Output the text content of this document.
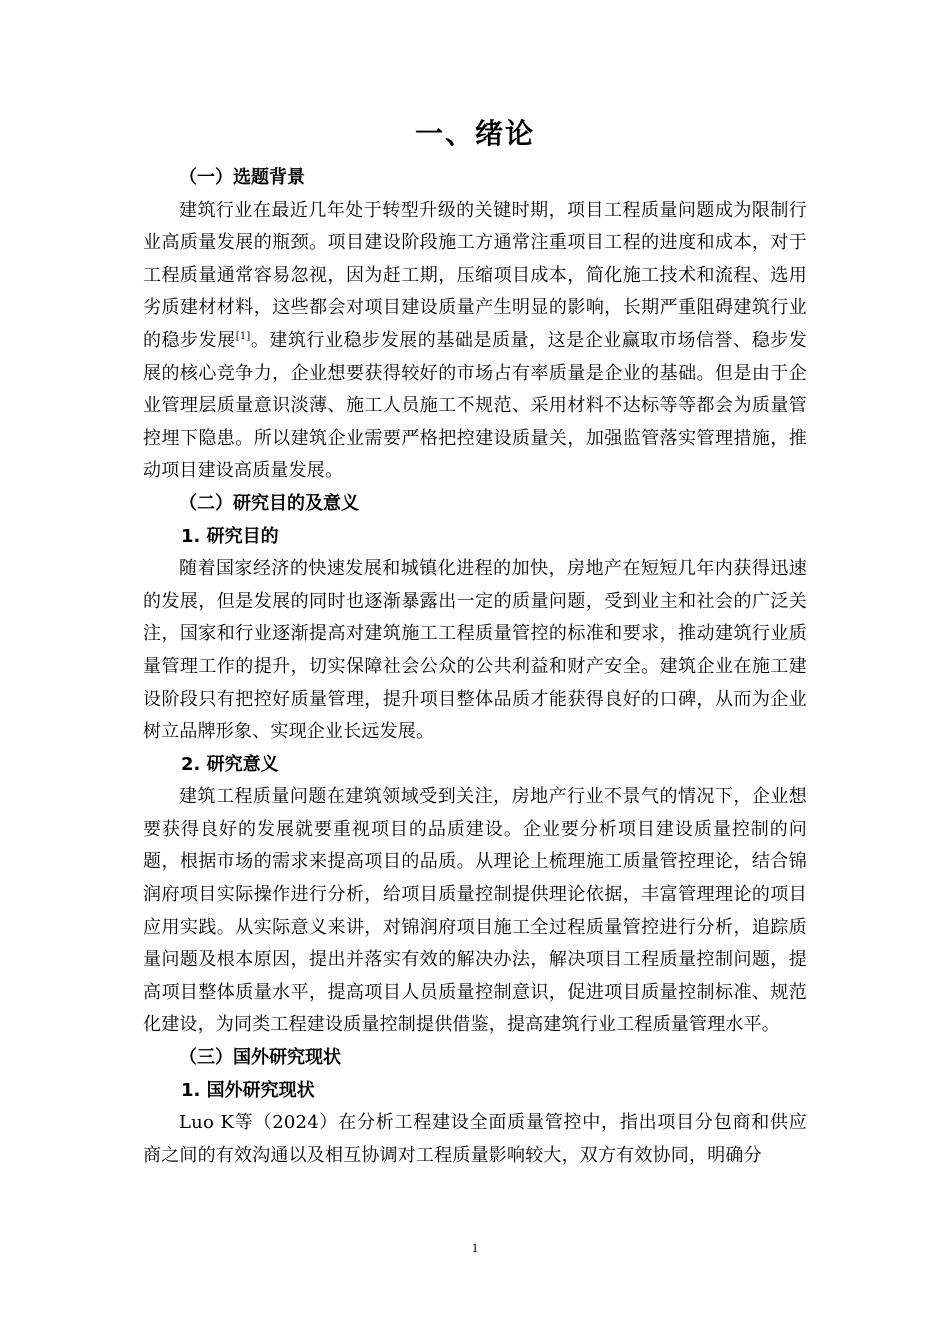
一、绪论
（一）选题背景

建筑行业在最近几年处于转型升级的关键时期，项目工程质量问题成为限制行业高质量发展的瓶颈。项目建设阶段施工方通常注重项目工程的进度和成本，对于工程质量通常容易忽视，因为赶工期，压缩项目成本，简化施工技术和流程、选用劣质建材材料，这些都会对项目建设质量产生明显的影响，长期严重阻碍建筑行业的稳步发展[1]。建筑行业稳步发展的基础是质量，这是企业赢取市场信誉、稳步发展的核心竞争力，企业想要获得较好的市场占有率质量是企业的基础。但是由于企业管理层质量意识淡薄、施工人员施工不规范、采用材料不达标等等都会为质量管控埋下隐患。所以建筑企业需要严格把控建设质量关，加强监管落实管理措施，推动项目建设高质量发展。

（二）研究目的及意义
1. 研究目的

随着国家经济的快速发展和城镇化进程的加快，房地产在短短几年内获得迅速的发展，但是发展的同时也逐渐暴露出一定的质量问题，受到业主和社会的广泛关注，国家和行业逐渐提高对建筑施工工程质量管控的标准和要求，推动建筑行业质量管理工作的提升，切实保障社会公众的公共利益和财产安全。建筑企业在施工建设阶段只有把控好质量管理，提升项目整体品质才能获得良好的口碑，从而为企业树立品牌形象、实现企业长远发展。

2. 研究意义

建筑工程质量问题在建筑领域受到关注，房地产行业不景气的情况下，企业想要获得良好的发展就要重视项目的品质建设。企业要分析项目建设质量控制的问题，根据市场的需求来提高项目的品质。从理论上梳理施工质量管控理论，结合锦润府项目实际操作进行分析，给项目质量控制提供理论依据，丰富管理理论的项目应用实践。从实际意义来讲，对锦润府项目施工全过程质量管控进行分析，追踪质量问题及根本原因，提出并落实有效的解决办法，解决项目工程质量控制问题，提高项目整体质量水平，提高项目人员质量控制意识，促进项目质量控制标准、规范化建设，为同类工程建设质量控制提供借鉴，提高建筑行业工程质量管理水平。

（三）国外研究现状
1. 国外研究现状

Luo K等（2024）在分析工程建设全面质量管控中，指出项目分包商和供应商之间的有效沟通以及相互协调对工程质量影响较大，双方有效协同，明确分

1
